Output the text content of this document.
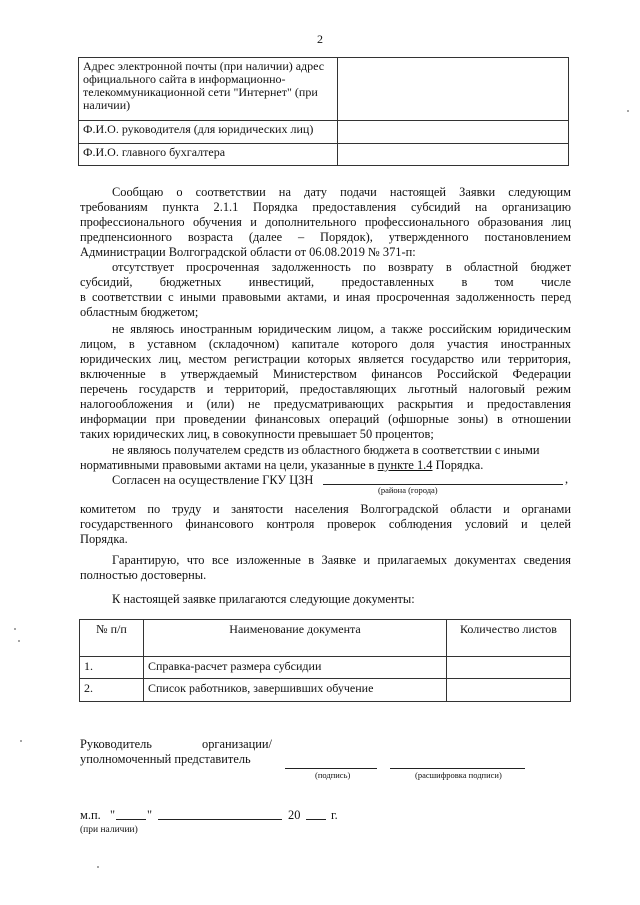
2
Адрес электронной почты (при наличии) адрес официального сайта в информационно-телекоммуникационной сети "Интернет" (при наличии)	
Ф.И.О. руководителя (для юридических лиц)	
Ф.И.О. главного бухгалтера	
Сообщаю о соответствии на дату подачи настоящей Заявки следующим
требованиям пункта 2.1.1 Порядка предоставления субсидий на организацию
профессионального обучения и дополнительного профессионального образования лиц
предпенсионного возраста (далее – Порядок), утвержденного постановлением
Администрации Волгоградской области от 06.08.2019 № 371-п:
отсутствует просроченная задолженность по возврату в областной бюджет
субсидий, бюджетных инвестиций, предоставленных в том числе
в соответствии с иными правовыми актами, и иная просроченная задолженность перед
областным бюджетом;
не являюсь иностранным юридическим лицом, а также российским юридическим
лицом, в уставном (складочном) капитале которого доля участия иностранных
юридических лиц, местом регистрации которых является государство или территория,
включенные в утверждаемый Министерством финансов Российской Федерации
перечень государств и территорий, предоставляющих льготный налоговый режим
налогообложения и (или) не предусматривающих раскрытия и предоставления
информации при проведении финансовых операций (офшорные зоны) в отношении
таких юридических лиц, в совокупности превышает 50 процентов;
не являюсь получателем средств из областного бюджета в соответствии с иными
нормативными правовыми актами на цели, указанные в пункте 1.4 Порядка.
Согласен на осуществление ГКУ ЦЗН	,
(района (города)
комитетом по труду и занятости населения Волгоградской области и органами
государственного финансового контроля проверок соблюдения условий и целей
Порядка.
Гарантирую, что все изложенные в Заявке и прилагаемых документах сведения
полностью достоверны.
К настоящей заявке прилагаются следующие документы:
№ п/п	Наименование документа	Количество листов
1.	Справка-расчет размера субсидии	
2.	Список работников, завершивших обучение	
Руководитель	организации/
уполномоченный представитель
(подпись)	(расшифровка подписи)
м.п. "	"	20 г.
(при наличии)
